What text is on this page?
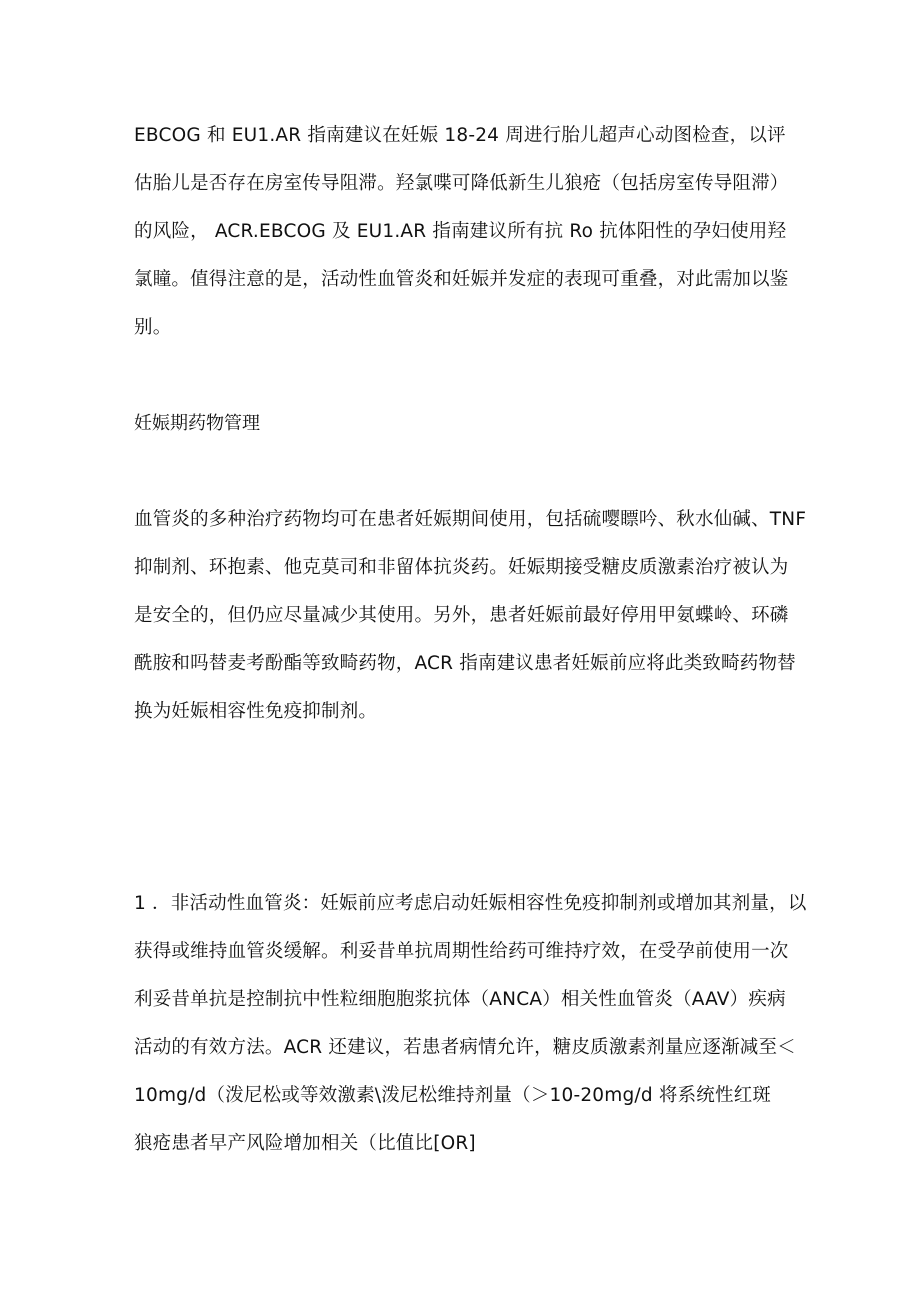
EBCOG 和 EU1.AR 指南建议在妊娠 18-24 周进行胎儿超声心动图检查，以评
估胎儿是否存在房室传导阻滞。羟氯喋可降低新生儿狼疮（包括房室传导阻滞）
的风险， ACR.EBCOG 及 EU1.AR 指南建议所有抗 Ro 抗体阳性的孕妇使用羟
氯瞳。值得注意的是，活动性血管炎和妊娠并发症的表现可重叠，对此需加以鉴
别。
妊娠期药物管理
血管炎的多种治疗药物均可在患者妊娠期间使用，包括硫嘤瞟吟、秋水仙碱、TNF
抑制剂、环抱素、他克莫司和非留体抗炎药。妊娠期接受糖皮质激素治疗被认为
是安全的，但仍应尽量减少其使用。另外，患者妊娠前最好停用甲氨蝶岭、环磷
酰胺和吗替麦考酚酯等致畸药物，ACR 指南建议患者妊娠前应将此类致畸药物替
换为妊娠相容性免疫抑制剂。
1 ．非活动性血管炎：妊娠前应考虑启动妊娠相容性免疫抑制剂或增加其剂量，以
获得或维持血管炎缓解。利妥昔单抗周期性给药可维持疗效，在受孕前使用一次
利妥昔单抗是控制抗中性粒细胞胞浆抗体（ANCA）相关性血管炎（AAV）疾病
活动的有效方法。ACR 还建议，若患者病情允许，糖皮质激素剂量应逐渐减至＜
10mg∕d（泼尼松或等效激素\泼尼松维持剂量（＞10-20mg∕d 将系统性红斑
狼疮患者早产风险增加相关（比值比[OR]
